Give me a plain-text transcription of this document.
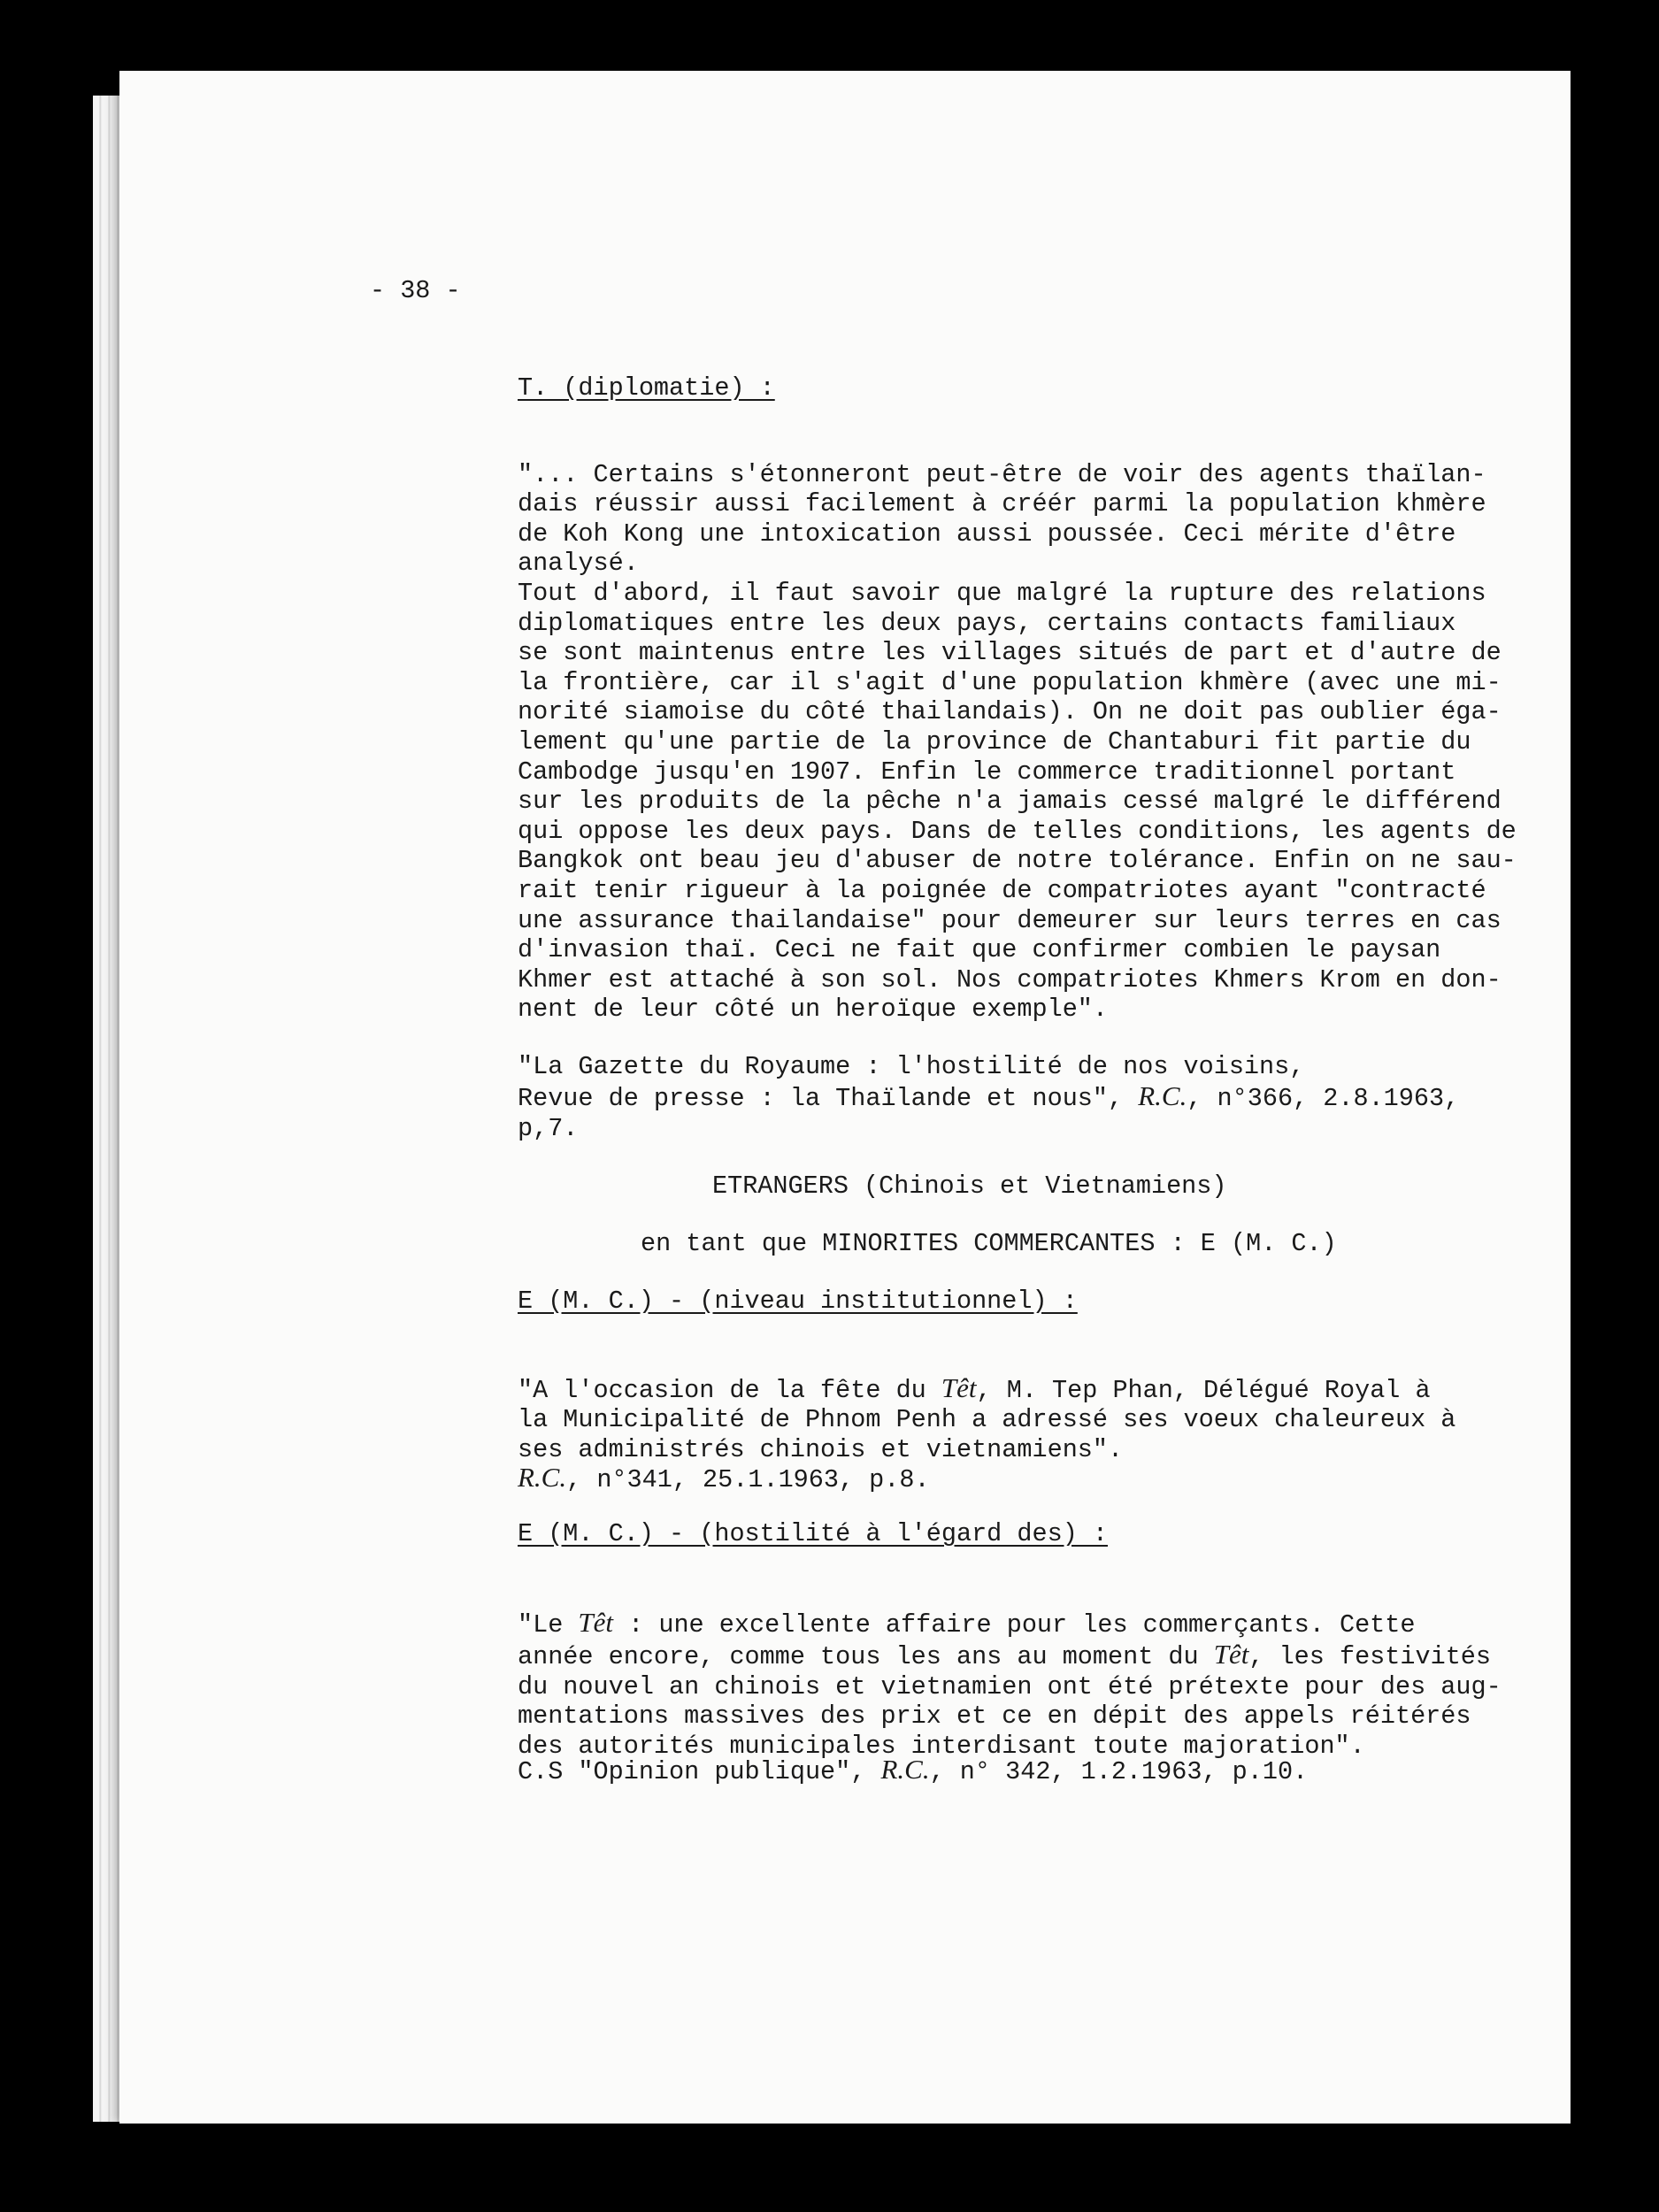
- 38 -

T. (diplomatie) :

"... Certains s'étonneront peut-être de voir des agents thaïlan-
dais réussir aussi facilement à créér parmi la population khmère
de Koh Kong une intoxication aussi poussée. Ceci mérite d'être
analysé.
Tout d'abord, il faut savoir que malgré la rupture des relations
diplomatiques entre les deux pays, certains contacts familiaux
se sont maintenus entre les villages situés de part et d'autre de
la frontière, car il s'agit d'une population khmère (avec une mi-
norité siamoise du côté thailandais). On ne doit pas oublier éga-
lement qu'une partie de la province de Chantaburi fit partie du
Cambodge jusqu'en 1907. Enfin le commerce traditionnel portant
sur les produits de la pêche n'a jamais cessé malgré le différend
qui oppose les deux pays. Dans de telles conditions, les agents de
Bangkok ont beau jeu d'abuser de notre tolérance. Enfin on ne sau-
rait tenir rigueur à la poignée de compatriotes ayant "contracté
une assurance thailandaise" pour demeurer sur leurs terres en cas
d'invasion thaï. Ceci ne fait que confirmer combien le paysan
Khmer est attaché à son sol. Nos compatriotes Khmers Krom en don-
nent de leur côté un heroïque exemple".

"La Gazette du Royaume : l'hostilité de nos voisins,
Revue de presse : la Thaïlande et nous", R.C., n°366, 2.8.1963,
p,7.

ETRANGERS (Chinois et Vietnamiens)

en tant que MINORITES COMMERCANTES : E (M. C.)

E (M. C.) - (niveau institutionnel) :

"A l'occasion de la fête du Têt, M. Tep Phan, Délégué Royal à
la Municipalité de Phnom Penh a adressé ses voeux chaleureux à
ses administrés chinois et vietnamiens".

R.C., n°341, 25.1.1963, p.8.

E (M. C.) - (hostilité à l'égard des) :

"Le Têt : une excellente affaire pour les commerçants. Cette
année encore, comme tous les ans au moment du Têt, les festivités
du nouvel an chinois et vietnamien ont été prétexte pour des aug-
mentations massives des prix et ce en dépit des appels réitérés
des autorités municipales interdisant toute majoration".

C.S "Opinion publique", R.C., n° 342, 1.2.1963, p.10.
